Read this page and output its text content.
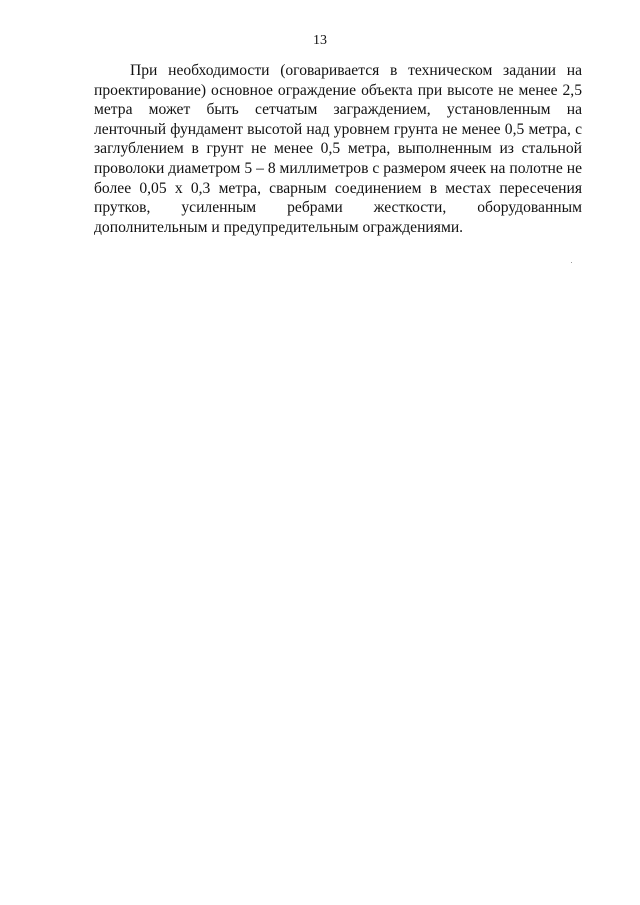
13

При необходимости (оговаривается в техническом задании на проектирование) основное ограждение объекта при высоте не менее 2,5 метра может быть сетчатым заграждением, установленным на ленточный фундамент высотой над уровнем грунта не менее 0,5 метра, с заглублением в грунт не менее 0,5 метра, выполненным из стальной проволоки диаметром 5 – 8 миллиметров с размером ячеек на полотне не более 0,05 х 0,3 метра, сварным соединением в местах пересечения прутков, усиленным ребрами жесткости, оборудованным дополнительным и предупредительным ограждениями.
